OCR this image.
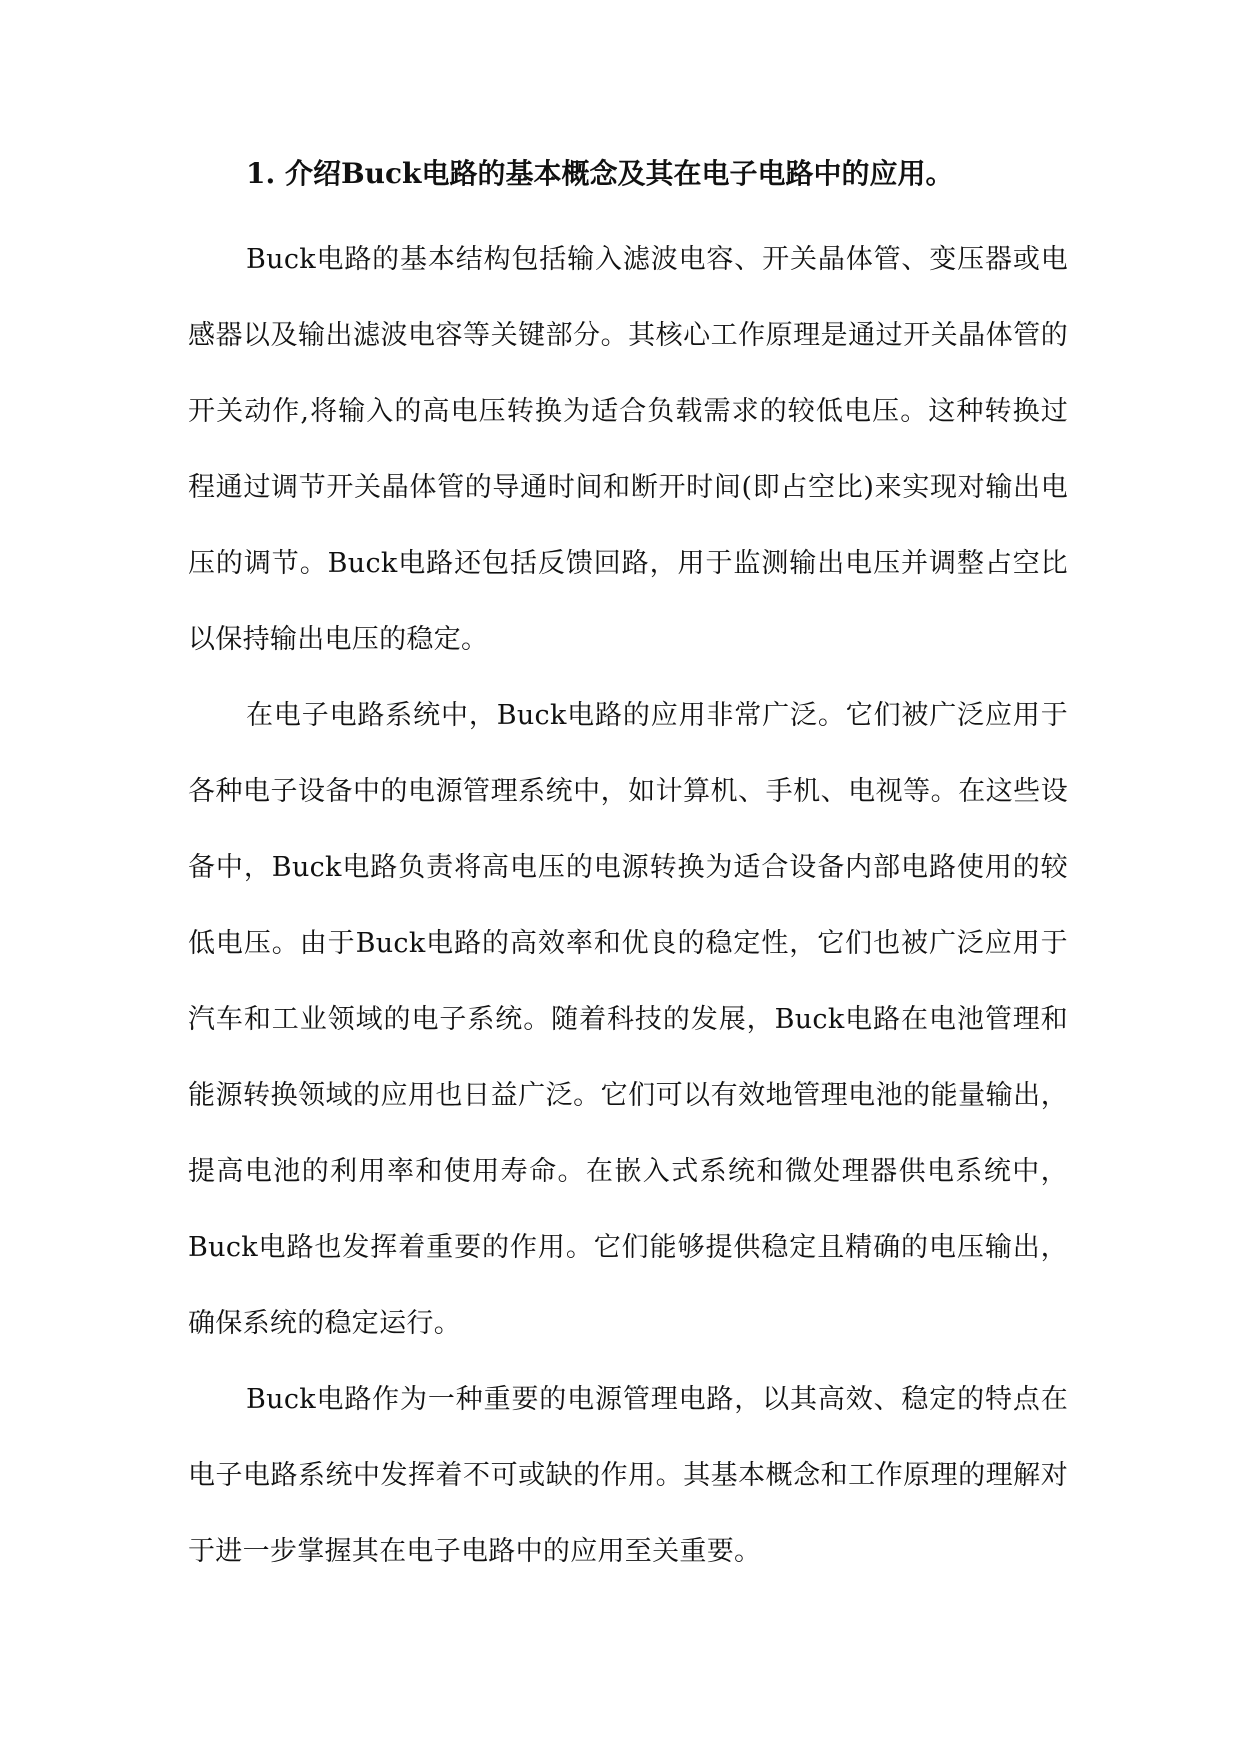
1. 介绍Buck电路的基本概念及其在电子电路中的应用。

Buck电路的基本结构包括输入滤波电容、开关晶体管、变压器或电感器以及输出滤波电容等关键部分。其核心工作原理是通过开关晶体管的开关动作,将输入的高电压转换为适合负载需求的较低电压。这种转换过程通过调节开关晶体管的导通时间和断开时间(即占空比)来实现对输出电压的调节。Buck电路还包括反馈回路，用于监测输出电压并调整占空比以保持输出电压的稳定。

在电子电路系统中，Buck电路的应用非常广泛。它们被广泛应用于各种电子设备中的电源管理系统中，如计算机、手机、电视等。在这些设备中，Buck电路负责将高电压的电源转换为适合设备内部电路使用的较低电压。由于Buck电路的高效率和优良的稳定性，它们也被广泛应用于汽车和工业领域的电子系统。随着科技的发展，Buck电路在电池管理和能源转换领域的应用也日益广泛。它们可以有效地管理电池的能量输出，提高电池的利用率和使用寿命。在嵌入式系统和微处理器供电系统中，Buck电路也发挥着重要的作用。它们能够提供稳定且精确的电压输出，确保系统的稳定运行。

Buck电路作为一种重要的电源管理电路，以其高效、稳定的特点在电子电路系统中发挥着不可或缺的作用。其基本概念和工作原理的理解对于进一步掌握其在电子电路中的应用至关重要。
